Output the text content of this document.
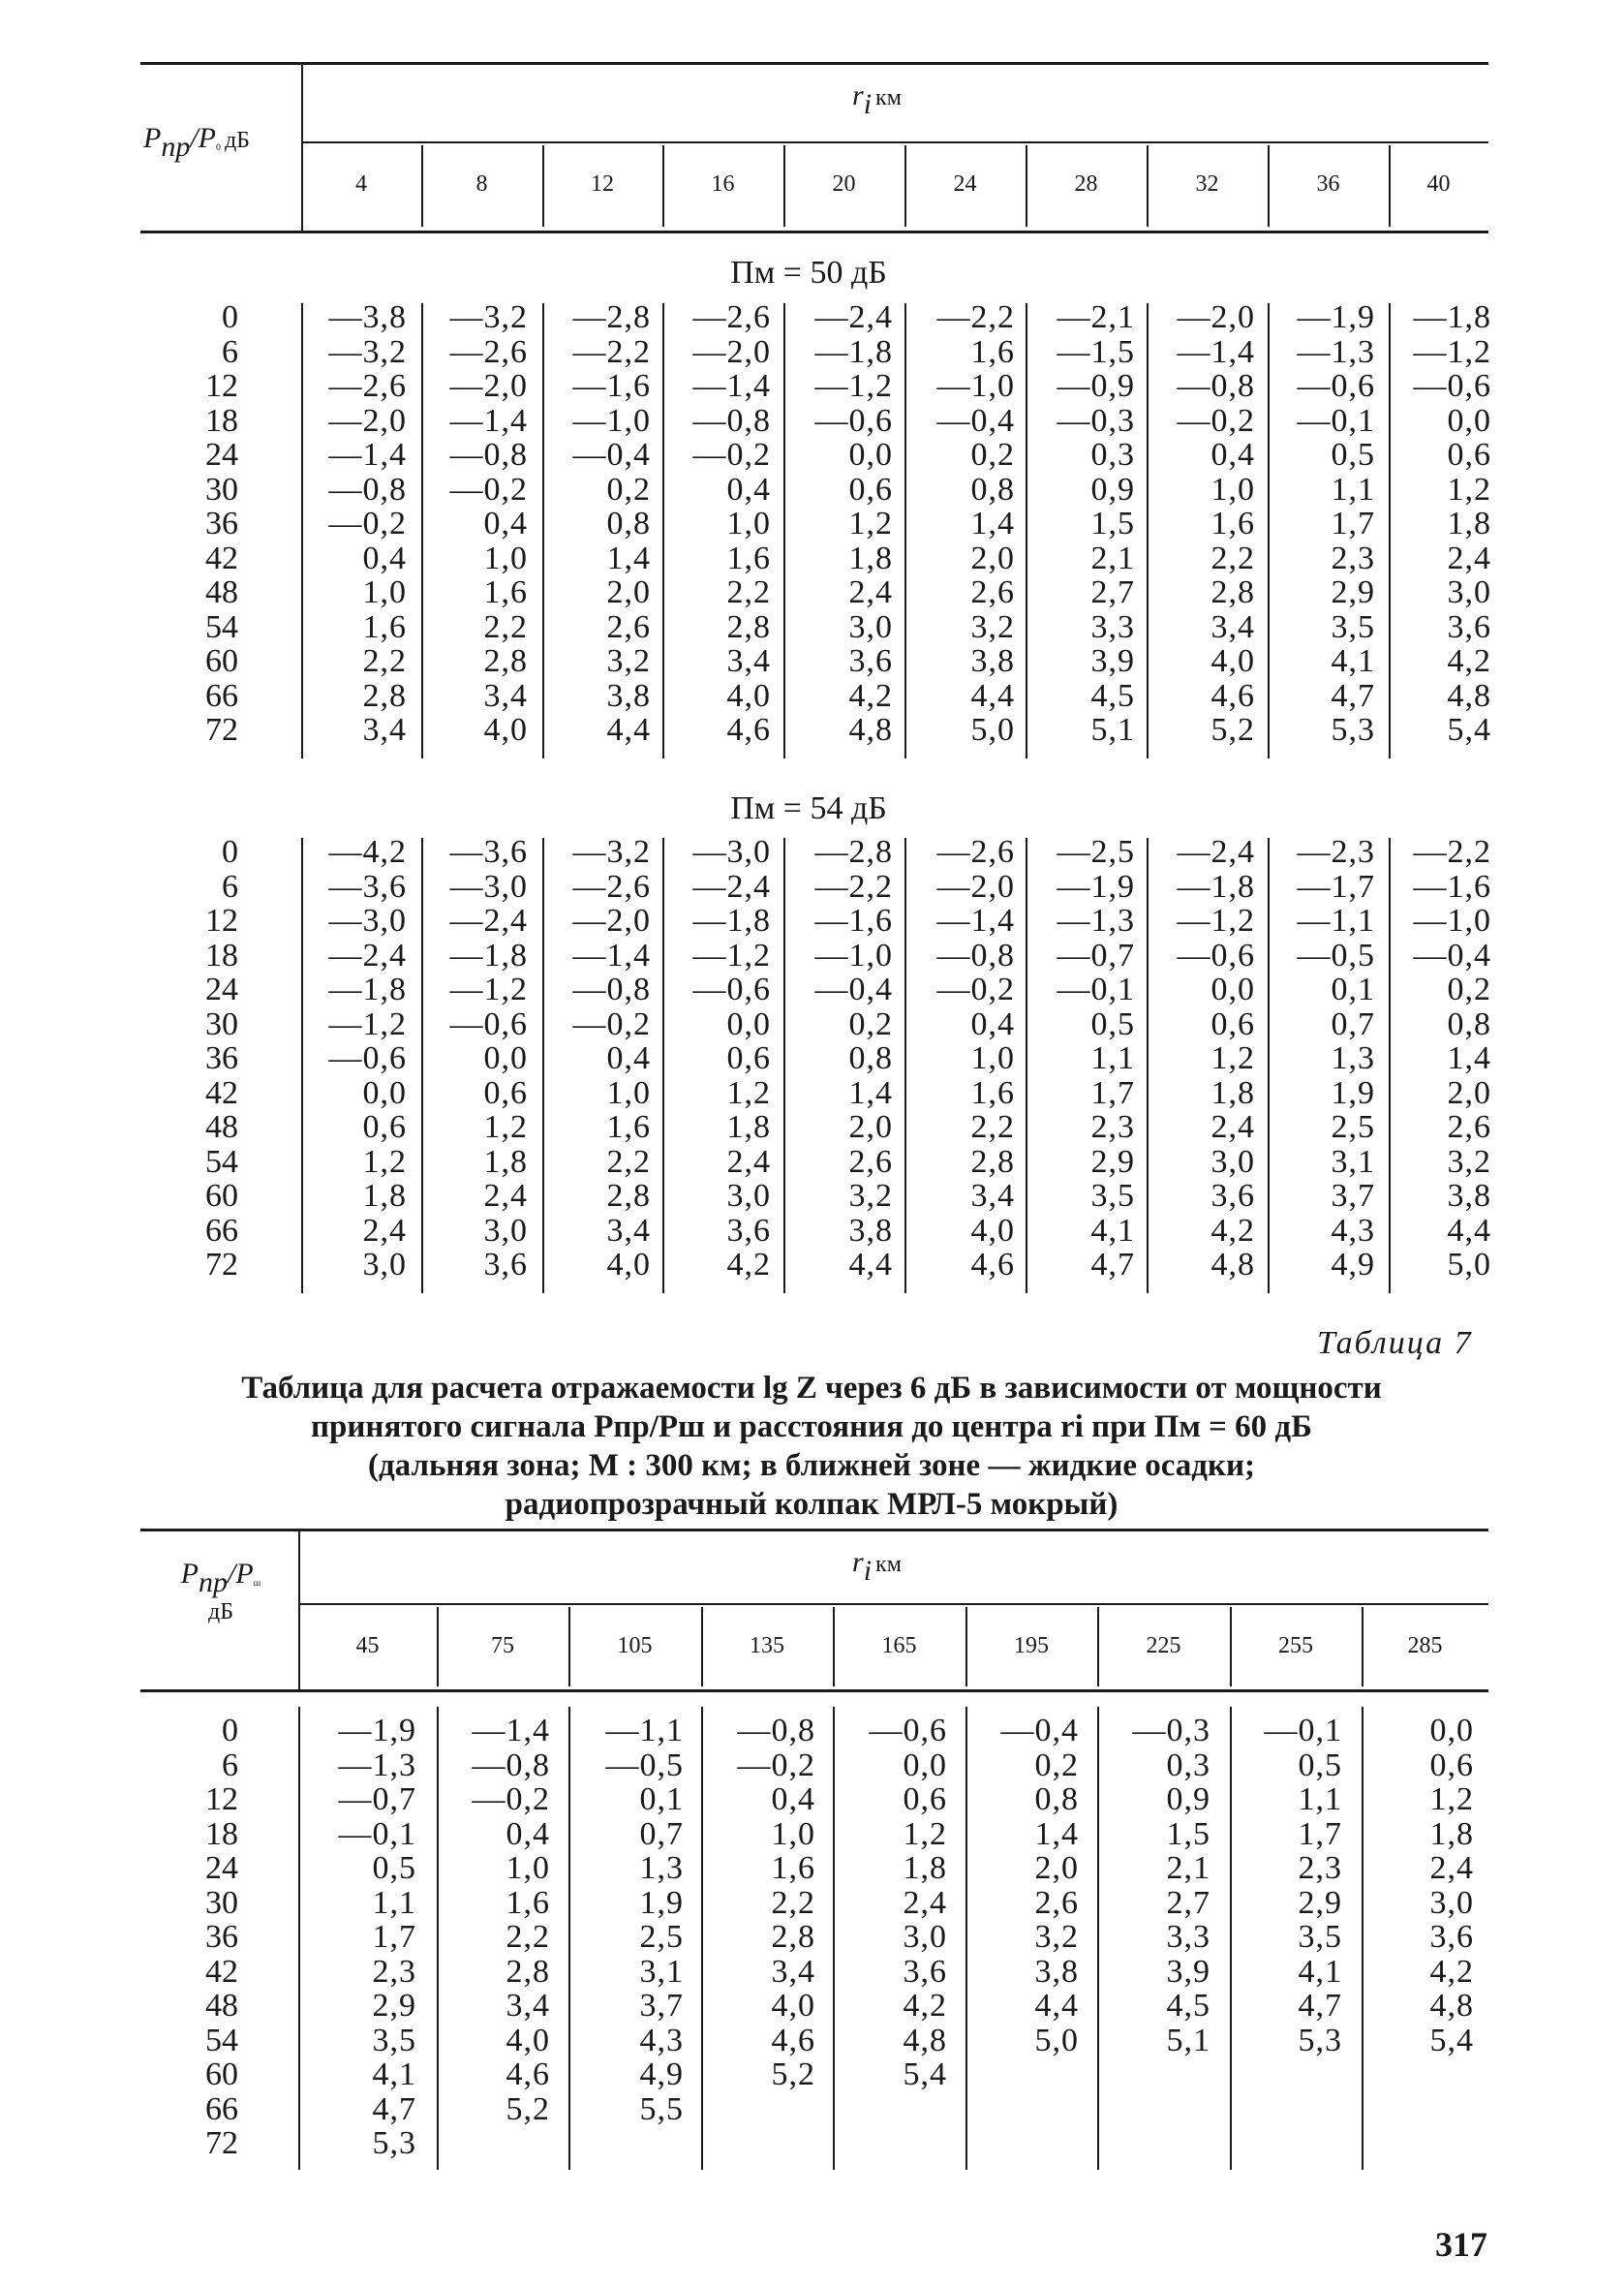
$P_{пр}/P_0$ дБ
$r_i$ км
4	8	12	16	20	24	28	32	36	40
Пм = 50 дБ
Пм = 54 дБ
0	—3,8	—3,2	—2,8	—2,6	—2,4	—2,2	—2,1	—2,0	—1,9	—1,8
6	—3,2	—2,6	—2,2	—2,0	—1,8	1,6	—1,5	—1,4	—1,3	—1,2
12	—2,6	—2,0	—1,6	—1,4	—1,2	—1,0	—0,9	—0,8	—0,6	—0,6
18	—2,0	—1,4	—1,0	—0,8	—0,6	—0,4	—0,3	—0,2	—0,1	0,0
24	—1,4	—0,8	—0,4	—0,2	0,0	0,2	0,3	0,4	0,5	0,6
30	—0,8	—0,2	0,2	0,4	0,6	0,8	0,9	1,0	1,1	1,2
36	—0,2	0,4	0,8	1,0	1,2	1,4	1,5	1,6	1,7	1,8
42	0,4	1,0	1,4	1,6	1,8	2,0	2,1	2,2	2,3	2,4
48	1,0	1,6	2,0	2,2	2,4	2,6	2,7	2,8	2,9	3,0
54	1,6	2,2	2,6	2,8	3,0	3,2	3,3	3,4	3,5	3,6
60	2,2	2,8	3,2	3,4	3,6	3,8	3,9	4,0	4,1	4,2
66	2,8	3,4	3,8	4,0	4,2	4,4	4,5	4,6	4,7	4,8
72	3,4	4,0	4,4	4,6	4,8	5,0	5,1	5,2	5,3	5,4
0	—4,2	—3,6	—3,2	—3,0	—2,8	—2,6	—2,5	—2,4	—2,3	—2,2
6	—3,6	—3,0	—2,6	—2,4	—2,2	—2,0	—1,9	—1,8	—1,7	—1,6
12	—3,0	—2,4	—2,0	—1,8	—1,6	—1,4	—1,3	—1,2	—1,1	—1,0
18	—2,4	—1,8	—1,4	—1,2	—1,0	—0,8	—0,7	—0,6	—0,5	—0,4
24	—1,8	—1,2	—0,8	—0,6	—0,4	—0,2	—0,1	0,0	0,1	0,2
30	—1,2	—0,6	—0,2	0,0	0,2	0,4	0,5	0,6	0,7	0,8
36	—0,6	0,0	0,4	0,6	0,8	1,0	1,1	1,2	1,3	1,4
42	0,0	0,6	1,0	1,2	1,4	1,6	1,7	1,8	1,9	2,0
48	0,6	1,2	1,6	1,8	2,0	2,2	2,3	2,4	2,5	2,6
54	1,2	1,8	2,2	2,4	2,6	2,8	2,9	3,0	3,1	3,2
60	1,8	2,4	2,8	3,0	3,2	3,4	3,5	3,6	3,7	3,8
66	2,4	3,0	3,4	3,6	3,8	4,0	4,1	4,2	4,3	4,4
72	3,0	3,6	4,0	4,2	4,4	4,6	4,7	4,8	4,9	5,0
Таблица 7
Таблица для расчета отражаемости lg Z через 6 дБ в зависимости от мощности
принятого сигнала Pпр/Pш и расстояния до центра ri при Пм = 60 дБ
(дальняя зона; М : 300 км; в ближней зоне — жидкие осадки;
радиопрозрачный колпак МРЛ-5 мокрый)
$P_{пр}/P_ш$
дБ
$r_i$ км
45	75	105	135	165	195	225	255	285
0	—1,9	—1,4	—1,1	—0,8	—0,6	—0,4	—0,3	—0,1	0,0
6	—1,3	—0,8	—0,5	—0,2	0,0	0,2	0,3	0,5	0,6
12	—0,7	—0,2	0,1	0,4	0,6	0,8	0,9	1,1	1,2
18	—0,1	0,4	0,7	1,0	1,2	1,4	1,5	1,7	1,8
24	0,5	1,0	1,3	1,6	1,8	2,0	2,1	2,3	2,4
30	1,1	1,6	1,9	2,2	2,4	2,6	2,7	2,9	3,0
36	1,7	2,2	2,5	2,8	3,0	3,2	3,3	3,5	3,6
42	2,3	2,8	3,1	3,4	3,6	3,8	3,9	4,1	4,2
48	2,9	3,4	3,7	4,0	4,2	4,4	4,5	4,7	4,8
54	3,5	4,0	4,3	4,6	4,8	5,0	5,1	5,3	5,4
60	4,1	4,6	4,9	5,2	5,4
66	4,7	5,2	5,5
72	5,3
317
